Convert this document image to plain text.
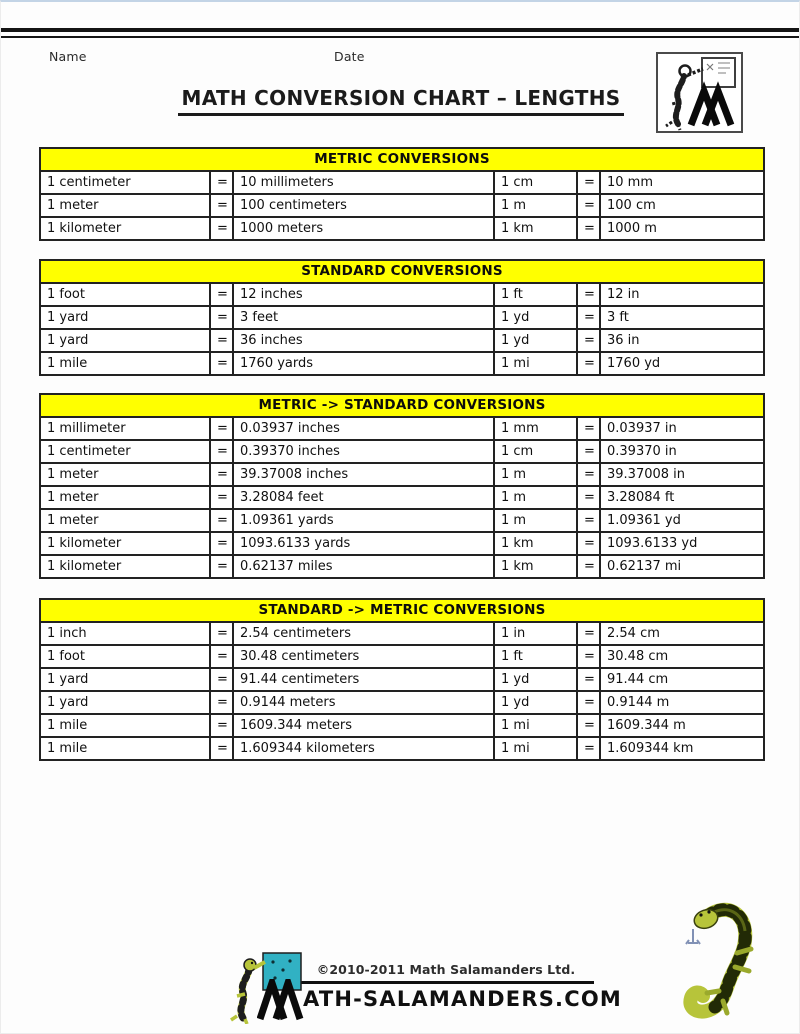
Name	Date
MATH CONVERSION CHART – LENGTHS
METRIC CONVERSIONS					
1 centimeter	=	10 millimeters	1 cm	=	10 mm
1 meter	=	100 centimeters	1 m	=	100 cm
1 kilometer	=	1000 meters	1 km	=	1000 m
STANDARD CONVERSIONS					
1 foot	=	12 inches	1 ft	=	12 in
1 yard	=	3 feet	1 yd	=	3 ft
1 yard	=	36 inches	1 yd	=	36 in
1 mile	=	1760 yards	1 mi	=	1760 yd
METRIC -> STANDARD CONVERSIONS					
1 millimeter	=	0.03937 inches	1 mm	=	0.03937 in
1 centimeter	=	0.39370 inches	1 cm	=	0.39370 in
1 meter	=	39.37008 inches	1 m	=	39.37008 in
1 meter	=	3.28084 feet	1 m	=	3.28084 ft
1 meter	=	1.09361 yards	1 m	=	1.09361 yd
1 kilometer	=	1093.6133 yards	1 km	=	1093.6133 yd
1 kilometer	=	0.62137 miles	1 km	=	0.62137 mi
STANDARD -> METRIC CONVERSIONS					
1 inch	=	2.54 centimeters	1 in	=	2.54 cm
1 foot	=	30.48 centimeters	1 ft	=	30.48 cm
1 yard	=	91.44 centimeters	1 yd	=	91.44 cm
1 yard	=	0.9144 meters	1 yd	=	0.9144 m
1 mile	=	1609.344 meters	1 mi	=	1609.344 m
1 mile	=	1.609344 kilometers	1 mi	=	1.609344 km
©2010-2011 Math Salamanders Ltd.
ATH-SALAMANDERS.COM
